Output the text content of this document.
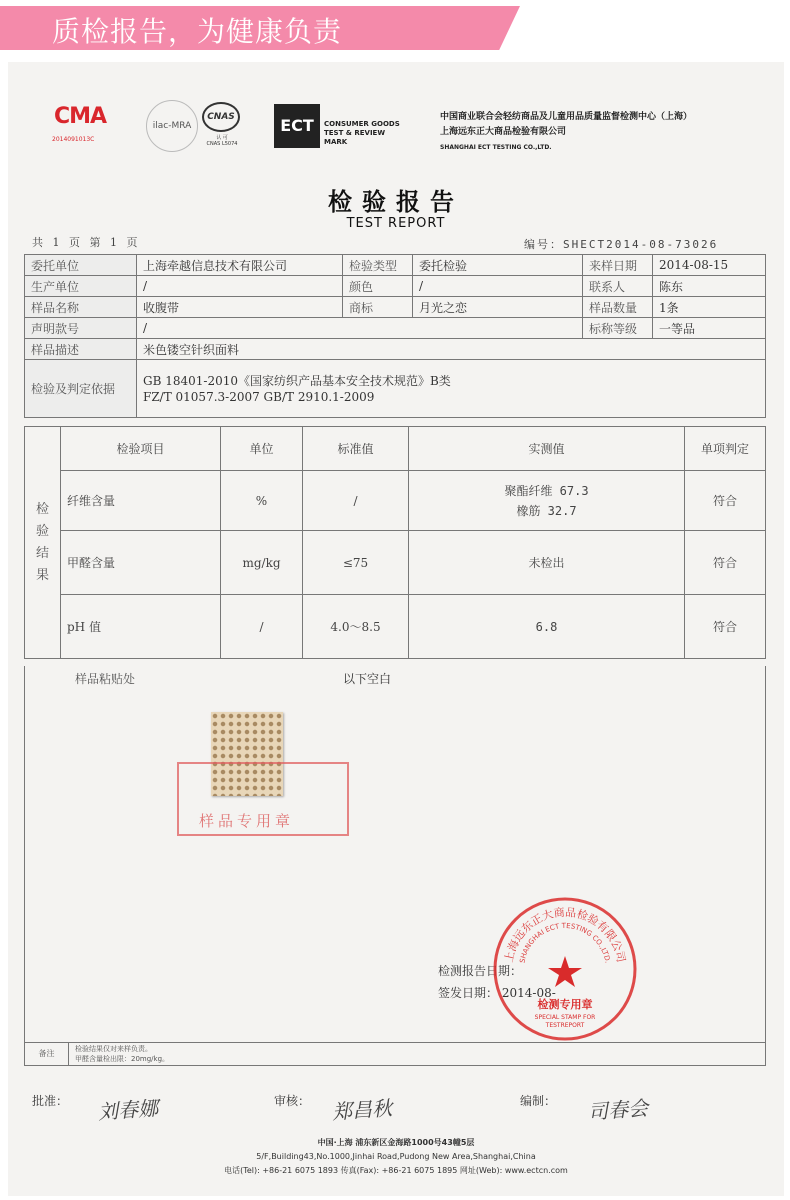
质检报告，为健康负责
CMA
2014091013C
ilac-MRA
CNAS
认 可
CNAS L5074
ECT	CONSUMER GOODS
TEST & REVIEW
MARK
中国商业联合会轻纺商品及儿童用品质量监督检测中心（上海）
上海远东正大商品检验有限公司
SHANGHAI ECT TESTING CO.,LTD.
检验报告
TEST REPORT
共 1 页 第 1 页	编号：SHECT2014-08-73026
委托单位	上海牵越信息技术有限公司	检验类型	委托检验	来样日期	2014-08-15
生产单位	/	颜色	/	联系人	陈东
样品名称	收腹带	商标	月光之恋	样品数量	1条
声明款号	/			标称等级	一等品
样品描述	米色镂空针织面料				
检验及判定依据	GB 18401-2010《国家纺织产品基本安全技术规范》B类
FZ/T 01057.3-2007 GB/T 2910.1-2009				
检
验
结
果	检验项目	单位	标准值	实测值	单项判定
	纤维含量	%	/	聚酯纤维 67.3
橡筋 32.7	符合
	甲醛含量	mg/kg	≤75	未检出	符合
	pH 值	/	4.0～8.5	6.8	符合
样品粘贴处	以下空白
样品专用章
检测报告日期：
签发日期： 2014-08-
上海远东正大商品检验有限公司
SHANGHAI ECT TESTING CO.,LTD.
检测专用章
SPECIAL STAMP FOR
TESTREPORT
备注	检验结果仅对来样负责。
甲醛含量检出限：20mg/kg。
批准： 刘春娜	审核： 郑昌秋	编制： 司春会
中国·上海 浦东新区金海路1000号43幢5层
5/F,Building43,No.1000,Jinhai Road,Pudong New Area,Shanghai,China
电话(Tel): +86-21 6075 1893 传真(Fax): +86-21 6075 1895 网址(Web): www.ectcn.com
